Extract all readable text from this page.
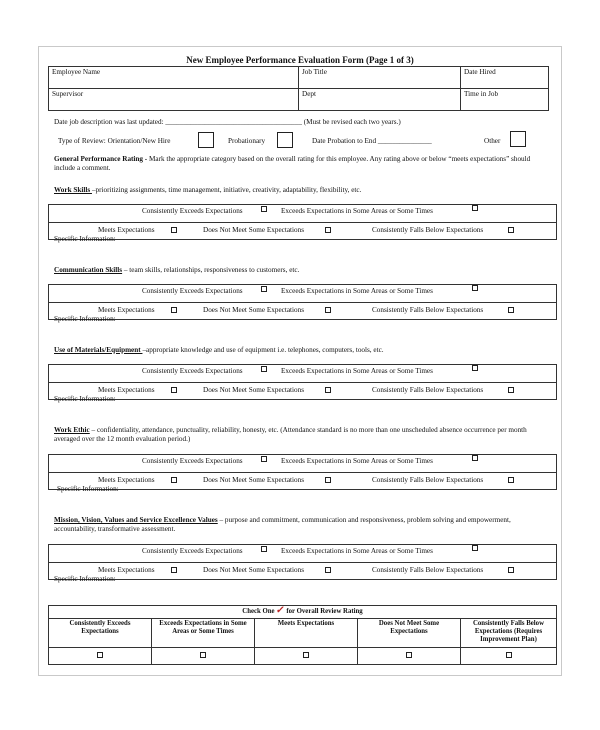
New Employee Performance Evaluation Form (Page 1 of 3)
Employee Name	Job Title	Date Hired
Supervisor	Dept	Time in Job
Date job description was last updated: ______________________________________ (Must be revised each two years.)
Type of Review: Orientation/New Hire	Probationary	Date Probation to End _______________	Other
General Performance Rating - Mark the appropriate category based on the overall rating for this employee. Any rating above or below “meets expectations” should include a comment.
Work Skills –prioritizing assignments, time management, initiative, creativity, adaptability, flexibility, etc.
Consistently Exceeds Expectations	Exceeds Expectations in Some Areas or Some Times
Meets Expectations	Does Not Meet Some Expectations	Consistently Falls Below Expectations
Specific Information:
Communication Skills – team skills, relationships, responsiveness to customers, etc.
Consistently Exceeds Expectations	Exceeds Expectations in Some Areas or Some Times
Meets Expectations	Does Not Meet Some Expectations	Consistently Falls Below Expectations
Specific Information:
Use of Materials/Equipment –appropriate knowledge and use of equipment i.e. telephones, computers, tools, etc.
Consistently Exceeds Expectations	Exceeds Expectations in Some Areas or Some Times
Meets Expectations	Does Not Meet Some Expectations	Consistently Falls Below Expectations
Specific Information:
Work Ethic – confidentiality, attendance, punctuality, reliability, honesty, etc. (Attendance standard is no more than one unscheduled absence occurrence per month averaged over the 12 month evaluation period.)
Consistently Exceeds Expectations	Exceeds Expectations in Some Areas or Some Times
Meets Expectations	Does Not Meet Some Expectations	Consistently Falls Below Expectations
Specific Information:
Mission, Vision, Values and Service Excellence Values – purpose and commitment, communication and responsiveness, problem solving and empowerment, accountability, transformative assessment.
Consistently Exceeds Expectations	Exceeds Expectations in Some Areas or Some Times
Meets Expectations	Does Not Meet Some Expectations	Consistently Falls Below Expectations
Specific Information:
Check One ✓ for Overall Review Rating				
Consistently Exceeds Expectations	Exceeds Expectations in Some Areas or Some Times	Meets Expectations	Does Not Meet Some Expectations	Consistently Falls Below Expectations (Requires Improvement Plan)
